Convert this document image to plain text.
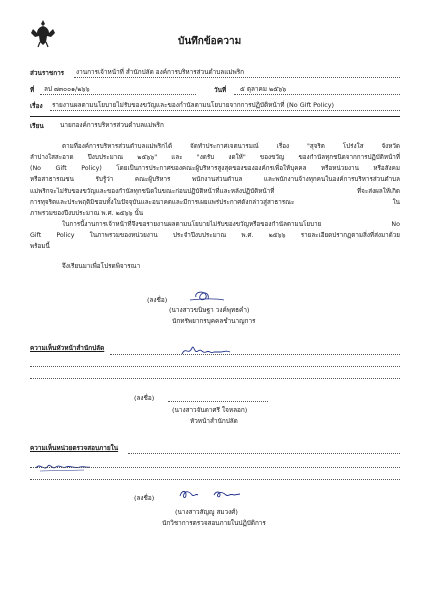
บันทึกข้อความ
ส่วนราชการ งานการเจ้าหน้าที่ สำนักปลัด องค์การบริหารส่วนตำบลแม่พริก
ที่ ลป ๗๓๐๐๑/๒๖๖	วันที่ ๕ ตุลาคม ๒๕๖๖
เรื่อง รายงานผลตามนโยบายไม่รับของขวัญและของกำนัลตามนโยบายจากการปฏิบัติหน้าที่ (No Gift Policy)
เรียน	นายกองค์การบริหารส่วนตำบลแม่พริก
ตามที่องค์การบริหารส่วนตำบลแม่พริกได้ จัดทำประกาศเจตนารมณ์ เรื่อง "สุจริต โปร่งใส จังหวัด
ลำปางใสสะอาด ปีงบประมาณ ๒๕๖๖" และ "งดรับ งดให้" ของขวัญ ของกำนัลทุกชนิดจากการปฏิบัติหน้าที่
(No Gift Policy) โดยเป็นการประกาศของคณะผู้บริหารสูงสุดของขององค์กรเพื่อให้บุคคล หรือหน่วยงาน หรือสังคม
หรือสาธารณชน รับรู้ว่า คณะผู้บริหาร พนักงานส่วนตำบล และพนักงานจ้างทุกคนในองค์การบริหารส่วนตำบล
แม่พริกจะไม่รับของขวัญและของกำนัลทุกชนิดในขณะก่อนปฏิบัติหน้าที่และหลังปฏิบัติหน้าที่ ที่จะส่งผลให้เกิด
การทุจริตและประพฤติมิชอบทั้งในปัจจุบันและอนาคตและมีการเผยแพร่ประกาศดังกล่าวสู่สาธารณะ ใน
ภาพรวมของปีงบประมาณ พ.ศ. ๒๕๖๖ นั้น
ในการนี้งานการเจ้าหน้าที่จึงขอรายงานผลตามนโยบายไม่รับของขวัญหรือของกำนัลตามนโยบาย No
Gift Policy ในภาพรวมของหน่วยงาน ประจำปีงบประมาณ พ.ศ. ๒๕๖๖ รายละเอียดปรากฏตามสิ่งที่ส่งมาด้วย
พร้อมนี้
จึงเรียนมาเพื่อโปรดพิจารณา
(ลงชื่อ)
(นางสาวขนิษฐา วงค์พุทธคำ)
นักทรัพยากรบุคคลชำนาญการ
ความเห็นหัวหน้าสำนักปลัด
(ลงชื่อ)
(นางสาวจันดาศรี ใจหลอก)
หัวหน้าสำนักปลัด
ความเห็นหน่วยตรวจสอบภายใน
(ลงชื่อ)
(นางสาวสัญญู สมวงศ์)
นักวิชาการตรวจสอบภายในปฏิบัติการ
